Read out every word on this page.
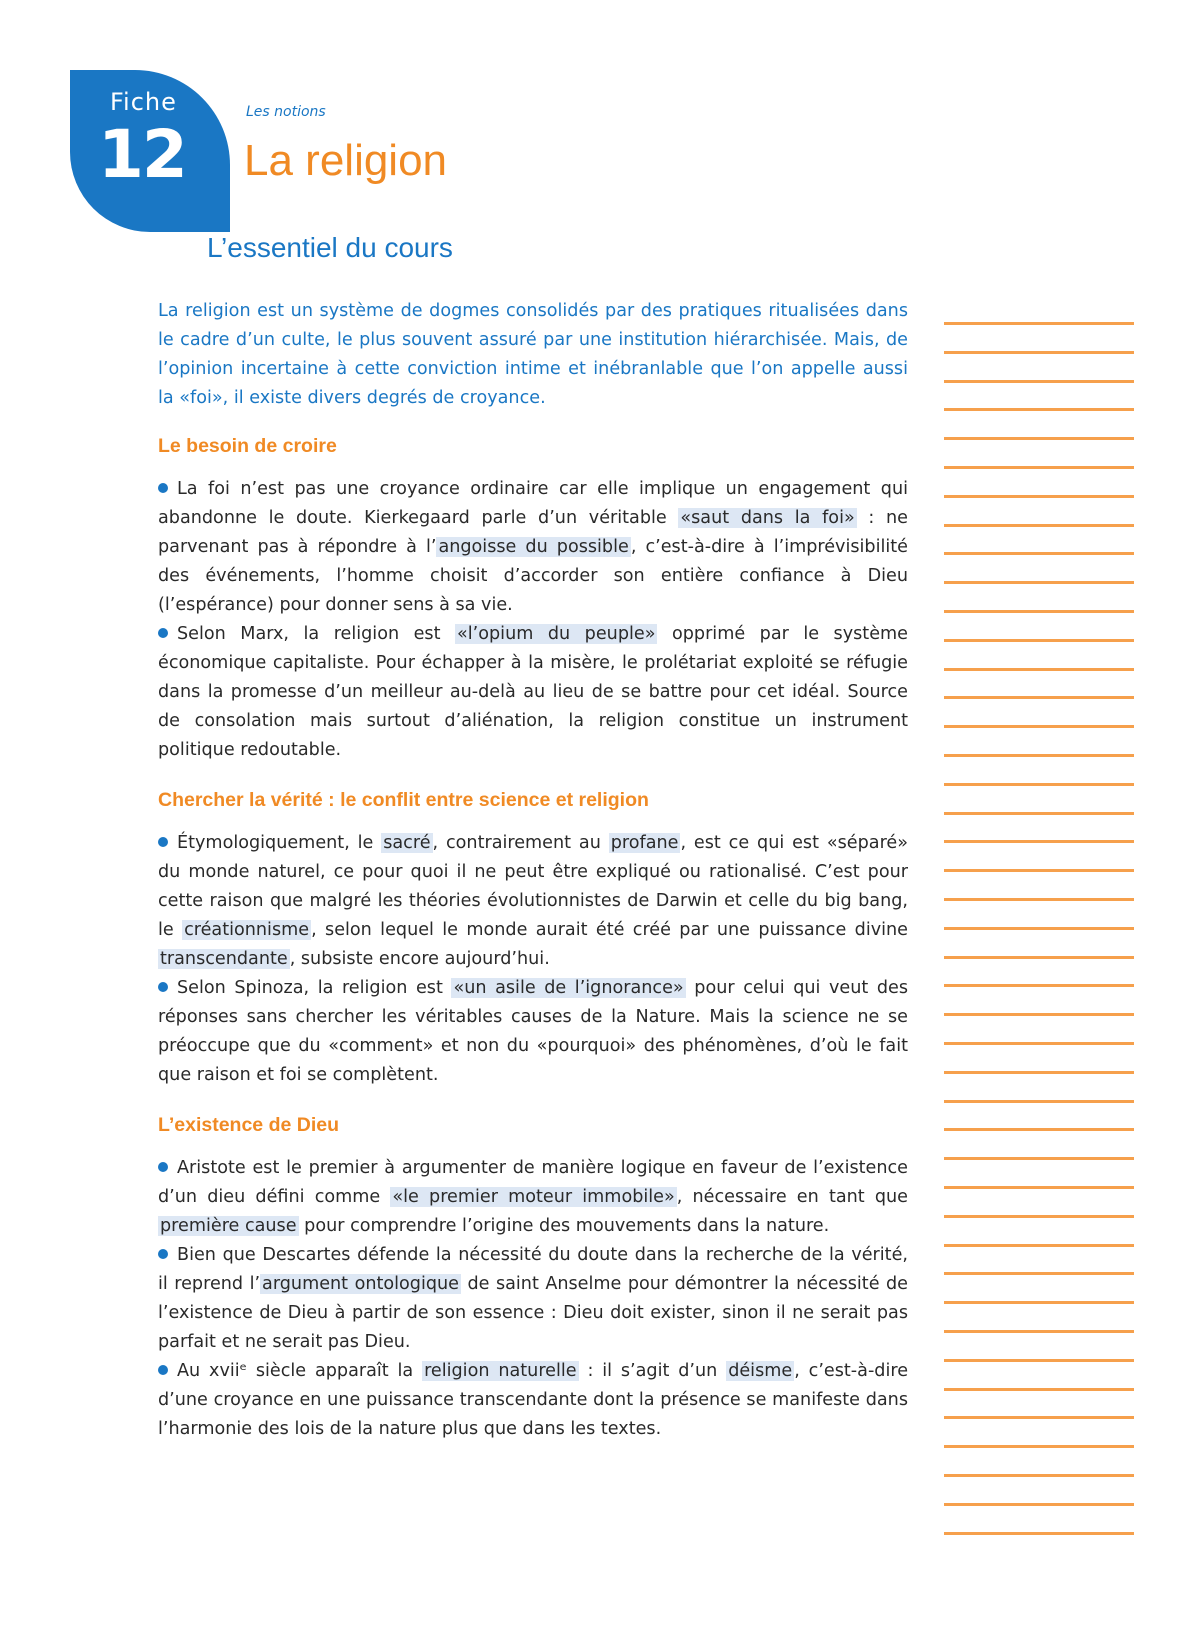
Fiche
12
Les notions
La religion
L’essentiel du cours

La religion est un système de dogmes consolidés par des pratiques ritualisées dans le cadre d’un culte, le plus souvent assuré par une institution hiérarchisée. Mais, de l’opinion incertaine à cette conviction intime et inébranlable que l’on appelle aussi la «foi», il existe divers degrés de croyance.

Le besoin de croire

La foi n’est pas une croyance ordinaire car elle implique un engagement qui abandonne le doute. Kierkegaard parle d’un véritable «saut dans la foi» : ne parvenant pas à répondre à l’ angoisse du possible , c’est-à-dire à l’imprévisibilité des événements, l’homme choisit d’accorder son entière confiance à Dieu (l’espérance) pour donner sens à sa vie.

Selon Marx, la religion est «l’opium du peuple» opprimé par le système économique capitaliste. Pour échapper à la misère, le prolétariat exploité se réfugie dans la promesse d’un meilleur au-delà au lieu de se battre pour cet idéal. Source de consolation mais surtout d’aliénation, la religion constitue un instrument politique redoutable.

Chercher la vérité : le conflit entre science et religion

Étymologiquement, le sacré , contrairement au profane , est ce qui est «séparé» du monde naturel, ce pour quoi il ne peut être expliqué ou rationalisé. C’est pour cette raison que malgré les théories évolutionnistes de Darwin et celle du big bang, le créationnisme , selon lequel le monde aurait été créé par une puissance divine transcendante , subsiste encore aujourd’hui.

Selon Spinoza, la religion est «un asile de l’ignorance» pour celui qui veut des réponses sans chercher les véritables causes de la Nature. Mais la science ne se préoccupe que du «comment» et non du «pourquoi» des phénomènes, d’où le fait que raison et foi se complètent.

L’existence de Dieu

Aristote est le premier à argumenter de manière logique en faveur de l’existence d’un dieu défini comme «le premier moteur immobile» , nécessaire en tant que première cause pour comprendre l’origine des mouvements dans la nature.

Bien que Descartes défende la nécessité du doute dans la recherche de la vérité, il reprend l’ argument ontologique de saint Anselme pour démontrer la nécessité de l’existence de Dieu à partir de son essence : Dieu doit exister, sinon il ne serait pas parfait et ne serait pas Dieu.

Au xviiᵉ siècle apparaît la religion naturelle : il s’agit d’un déisme , c’est-à-dire d’une croyance en une puissance transcendante dont la présence se manifeste dans l’harmonie des lois de la nature plus que dans les textes.
